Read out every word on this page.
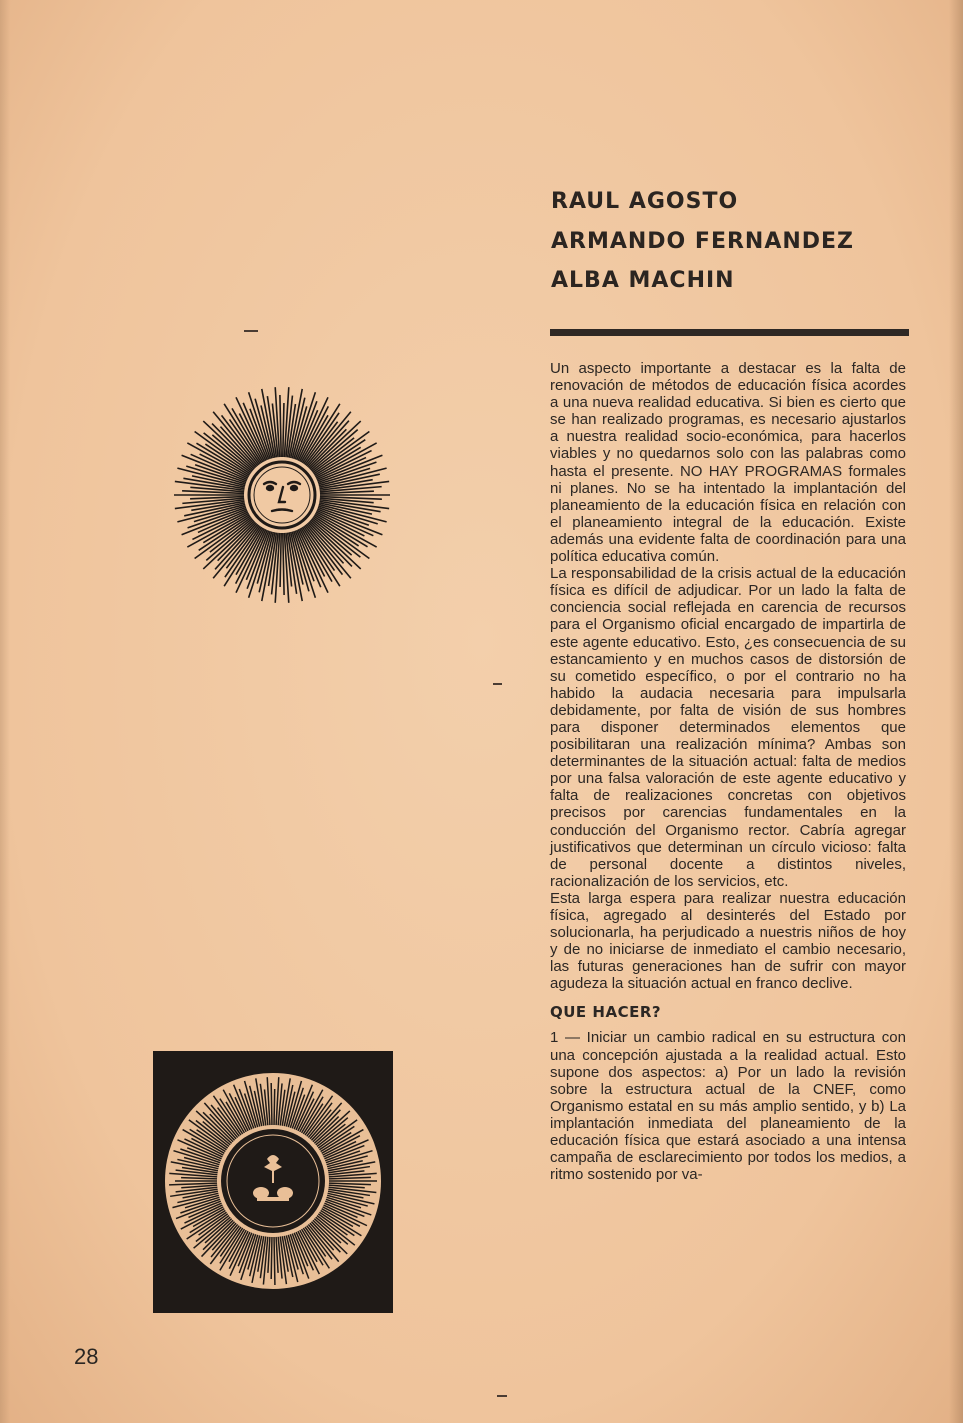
RAUL AGOSTO
ARMANDO FERNANDEZ
ALBA MACHIN

Un aspecto importante a destacar es la falta de renovación de métodos de educación física acordes a una nueva realidad educativa. Si bien es cierto que se han realizado programas, es necesario ajustarlos a nuestra realidad socio-económica, para hacerlos viables y no quedarnos solo con las palabras como hasta el presente. NO HAY PROGRAMAS formales ni planes. No se ha intentado la implantación del planeamiento de la educación física en relación con el planeamiento integral de la educación. Existe además una evidente falta de coordinación para una política educativa común.

La responsabilidad de la crisis actual de la educación física es difícil de adjudicar. Por un lado la falta de conciencia social reflejada en carencia de recursos para el Organismo oficial encargado de impartirla de este agente educativo. Esto, ¿es consecuencia de su estancamiento y en muchos casos de distorsión de su cometido específico, o por el contrario no ha habido la audacia necesaria para impulsarla debidamente, por falta de visión de sus hombres para disponer determinados elementos que posibilitaran una realización mínima? Ambas son determinantes de la situación actual: falta de medios por una falsa valoración de este agente educativo y falta de realizaciones concretas con objetivos precisos por carencias fundamentales en la conducción del Organismo rector. Cabría agregar justificativos que determinan un círculo vicioso: falta de personal docente a distintos niveles, racionalización de los servicios, etc.

Esta larga espera para realizar nuestra educación física, agregado al desinterés del Estado por solucionarla, ha perjudicado a nuestris niños de hoy y de no iniciarse de inmediato el cambio necesario, las futuras generaciones han de sufrir con mayor agudeza la situación actual en franco declive.

QUE HACER?

1 — Iniciar un cambio radical en su estructura con una concepción ajustada a la realidad actual. Esto supone dos aspectos: a) Por un lado la revisión sobre la estructura actual de la CNEF, como Organismo estatal en su más amplio sentido, y b) La implantación inmediata del planeamiento de la educación física que estará asociado a una intensa campaña de esclarecimiento por todos los medios, a ritmo sostenido por va-

28
